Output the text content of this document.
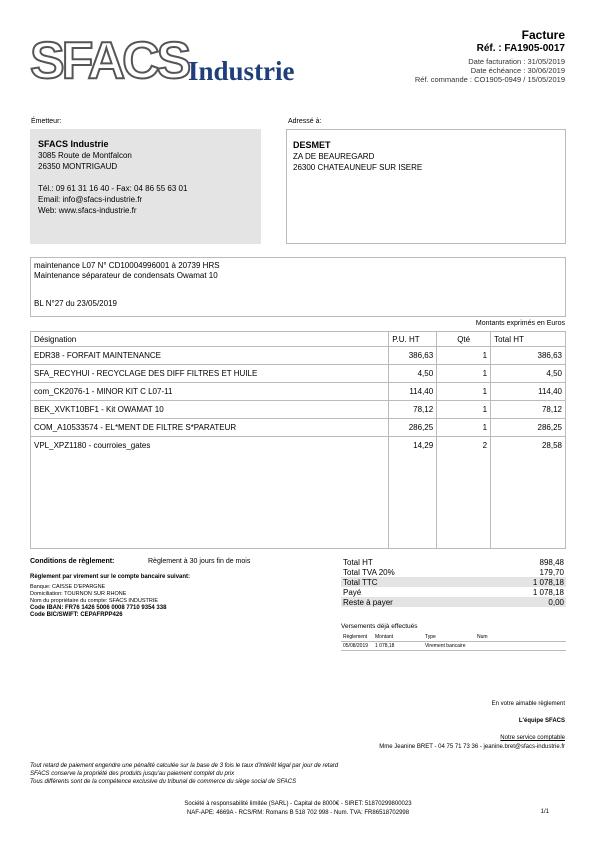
SFACS Industrie
Facture
Réf. : FA1905-0017
Date facturation : 31/05/2019
Date échéance : 30/06/2019
Réf. commande : CO1905-0949 / 15/05/2019
Émetteur:	Adressé à:
SFACS Industrie
3085 Route de Montfalcon
26350 MONTRIGAUD
Tél.: 09 61 31 16 40 - Fax: 04 86 55 63 01
Email: info@sfacs-industrie.fr
Web: www.sfacs-industrie.fr
DESMET
ZA DE BEAUREGARD
26300 CHATEAUNEUF SUR ISERE
maintenance L07 N° CD10004996001 à 20739 HRS
Maintenance séparateur de condensats Owamat 10
BL N°27 du 23/05/2019
Montants exprimés en Euros
Désignation	P.U. HT	Qté	Total HT
EDR38 - FORFAIT MAINTENANCE	386,63	1	386,63
SFA_RECYHUI - RECYCLAGE DES DIFF FILTRES ET HUILE	4,50	1	4,50
com_CK2076-1 - MINOR KIT C L07-11	114,40	1	114,40
BEK_XVKT10BF1 - Kit OWAMAT 10	78,12	1	78,12
COM_A10533574 - EL*MENT DE FILTRE S*PARATEUR	286,25	1	286,25
VPL_XPZ1180 - courroies_gates	14,29	2	28,58

Conditions de règlement:	Règlement à 30 jours fin de mois
Règlement par virement sur le compte bancaire suivant:
Banque: CAISSE D'EPARGNE
Domiciliation: TOURNON SUR RHONE
Nom du propriétaire du compte: SFACS INDUSTRIE
Code IBAN: FR76 1426 5006 0008 7710 9354 338
Code BIC/SWIFT: CEPAFRPP426
Total HT	898,48
Total TVA 20%	179,70
Total TTC	1 078,18
Payé	1 078,18
Reste à payer	0,00
Versements déjà effectués
Règlement	Montant	Type	Num
05/08/2019	1 078,18	Virement bancaire	
En votre aimable règlement
L'équipe SFACS
Notre service comptable
Mme Jeanine BRET - 04 75 71 73 36 - jeanine.bret@sfacs-industrie.fr
Tout retard de paiement engendre une pénalité calculée sur la base de 3 fois le taux d'intérêt légal par jour de retard
SFACS conserve la propriété des produits jusqu'au paiement complet du prix
Tous différents sont de la compétence exclusive du tribunal de commerce du siège social de SFACS
Société à responsabilité limitée (SARL) - Capital de 8000€ - SIRET: 51870299800023
NAF-APE: 4669A - RCS/RM: Romans B 518 702 998 - Num. TVA: FR86518702998	1/1
